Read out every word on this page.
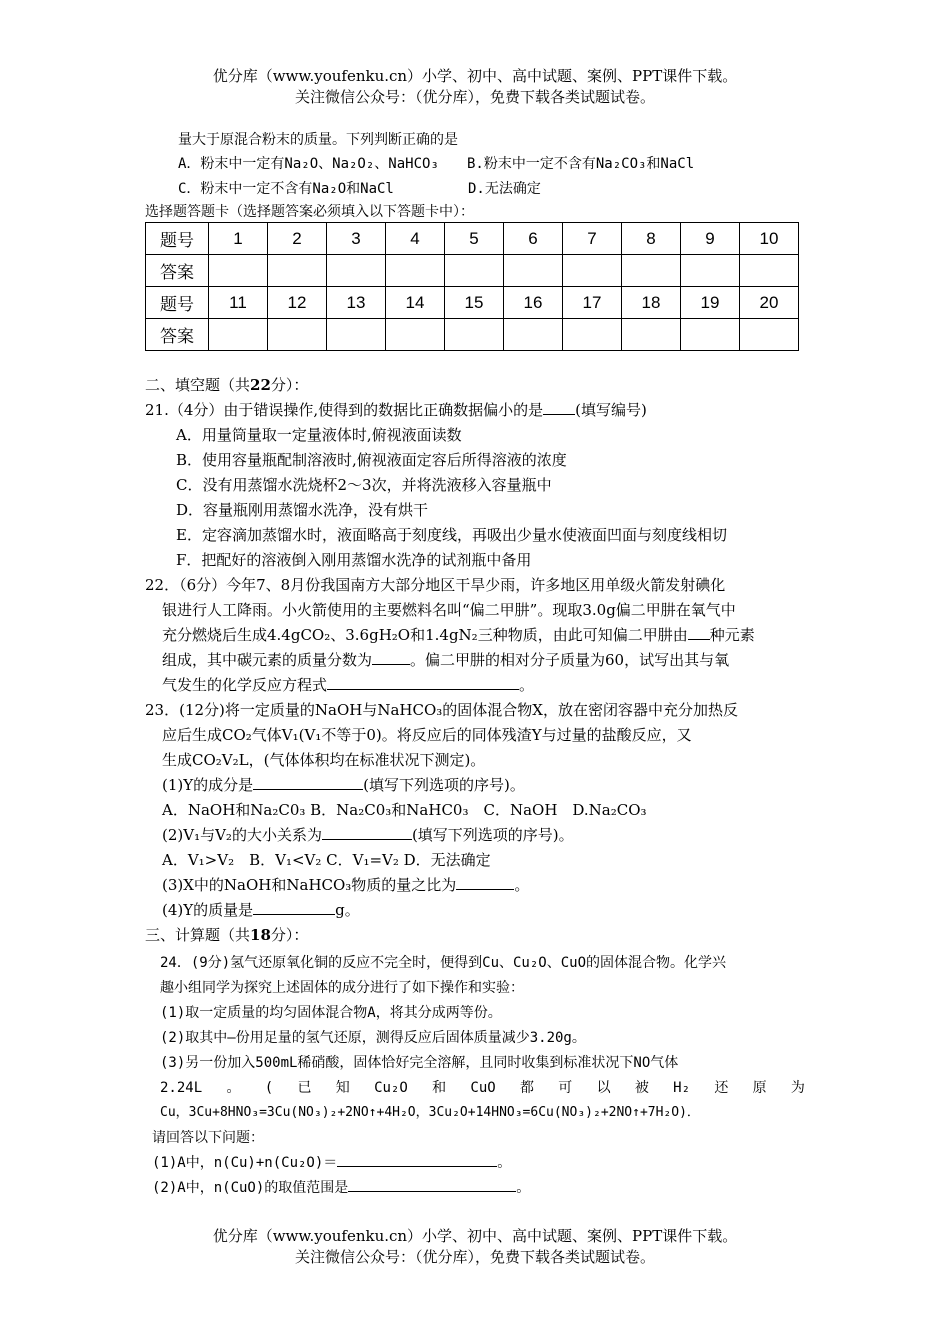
优分库（www.youfenku.cn）小学、初中、高中试题、案例、PPT课件下载。
关注微信公众号：（优分库），免费下载各类试题试卷。
量大于原混合粉末的质量。下列判断正确的是
A．粉末中一定有Na₂O、Na₂O₂、NaHCO₃ B.粉末中一定不含有Na₂CO₃和NaCl
C．粉末中一定不含有Na₂O和NaCl	D.无法确定
选择题答题卡（选择题答案必须填入以下答题卡中）：
题号	1	2	3	4	5	6	7	8	9	10
答案										
题号	11	12	13	14	15	16	17	18	19	20
答案										
二、填空题（共22分）：
21.（4分）由于错误操作,使得到的数据比正确数据偏小的是 (填写编号)
A．用量筒量取一定量液体时,俯视液面读数
B．使用容量瓶配制溶液时,俯视液面定容后所得溶液的浓度
C．没有用蒸馏水洗烧杯2～3次，并将洗液移入容量瓶中
D．容量瓶刚用蒸馏水洗净，没有烘干
E．定容滴加蒸馏水时，液面略高于刻度线，再吸出少量水使液面凹面与刻度线相切
F．把配好的溶液倒入刚用蒸馏水洗净的试剂瓶中备用
22．（6分）今年7、8月份我国南方大部分地区干旱少雨，许多地区用单级火箭发射碘化
银进行人工降雨。小火箭使用的主要燃料名叫“偏二甲肼”。现取3.0g偏二甲肼在氧气中
充分燃烧后生成4.4gCO₂、3.6gH₂O和1.4gN₂三种物质，由此可知偏二甲肼由 种元素
组成，其中碳元素的质量分数为	。偏二甲肼的相对分子质量为60，试写出其与氧
气发生的化学反应方程式	。
23．(12分)将一定质量的NaOH与NaHCO₃的固体混合物X，放在密闭容器中充分加热反
应后生成CO₂气体V₁(V₁不等于0)。将反应后的同体残渣Y与过量的盐酸反应，又
生成CO₂V₂L，(气体体积均在标准状况下测定)。
(1)Y的成分是	(填写下列选项的序号)。
A．NaOH和Na₂C0₃ B．Na₂C0₃和NaHC0₃　C．NaOH　D.Na₂CO₃
(2)V₁与V₂的大小关系为	(填写下列选项的序号)。
A．V₁>V₂　B．V₁<V₂ C．V₁=V₂ D．无法确定
(3)X中的NaOH和NaHCO₃物质的量之比为	。
(4)Y的质量是	g。
三、计算题（共18分）：
24．(9分)氢气还原氧化铜的反应不完全时，便得到Cu、Cu₂O、CuO的固体混合物。化学兴
趣小组同学为探究上述固体的成分进行了如下操作和实验：
(1)取一定质量的均匀固体混合物A，将其分成两等份。
(2)取其中—份用足量的氢气还原，测得反应后固体质量减少3.20g。
(3)另一份加入500mL稀硝酸，固体恰好完全溶解，且同时收集到标准状况下NO气体
2.24L 。 ( 已 知 Cu₂O 和 CuO 都 可 以 被 H₂ 还 原 为
Cu，3Cu+8HNO₃=3Cu(NO₃)₂+2NO↑+4H₂O，3Cu₂O+14HNO₃=6Cu(NO₃)₂+2NO↑+7H₂O)．
请回答以下问题：
(1)A中，n(Cu)+n(Cu₂O)＝	。
(2)A中，n(CuO)的取值范围是	。
优分库（www.youfenku.cn）小学、初中、高中试题、案例、PPT课件下载。
关注微信公众号：（优分库），免费下载各类试题试卷。
